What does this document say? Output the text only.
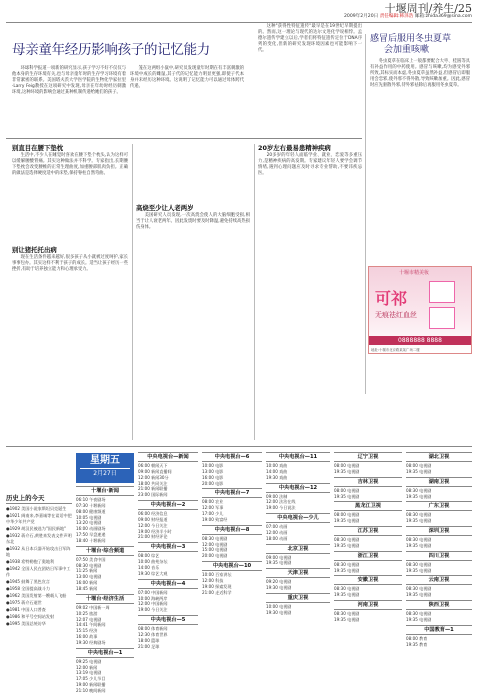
十堰周刊/养生/25
2009年2月20日 责任编辑:韩泽浩 邮箱:zhida369@sina.com
母亲童年经历影响孩子的记忆能力

环球科学报道一项新的研究显示,孩子学习不好不仅仅与他本身的生存环境有关,也与母亲童年时的生存学习环境有着非常紧密的联系。美国塔夫茨大学医学院的生物化学家拉里·Larry Feig教授在这项研究中发现,母亲在年幼时经历刺激环境,这种环境的影响会通过某种机制传递给她们的孩子。

笼在这两组小鼠中,研究员发现童年时期在有丰富刺激的环境中成长的雌鼠,其子代的记忆能力明显更强,即使子代本身并未经历这种环境。这说明了记忆能力可以通过母体跨代传递。

这种"获得性特征遗传"最早是在19世纪早期提出的。然而,这一理论与现代的达尔文进化学说相悖。孟德尔遗传学建立以后,学者们将特征遗传定位于DNA序列的变化,但新的研究发现环境因素也可能影响下一代。

感冒后服用冬虫夏草
会加重咳嗽

冬虫夏草在临床上一般都要配合大枣、桂圆等具有补益作用的中药使用。感冒与咳嗽,均为感受外邪所致,其标实而本虚,冬虫夏草虽然补益,但感冒后即服用会恋邪,使外邪不得外散,导致咳嗽加重。因此,感冒时应先驱散外邪,待外邪祛除后再服用冬虫夏草。

十堰市精美妆
可祁
无痕祛红血丝
0888888 8888
地址:十堰市北京路某某广场二楼
别直目在腰下垫枕

生活中,不少人在睡觉时喜欢在腰下垫个枕头,认为这样可以缓解腰酸背痛。其实这种做法并不科学。专家指出,长期腰下垫枕会改变腰椎的正常生理曲度,加重腰部肌肉负担。正确的做法是选择硬度适中的床垫,保持脊柱自然弯曲。

别让猪托托出病

现在生活条件越来越好,很多孩子从小就被过度呵护,家长事事包办。其实这样不利于孩子的成长。适当让孩子经历一些挫折,有助于培养独立能力和心理承受力。

高烧至少让人老两岁

美国研究人员发现,一次高烧会使人的大脑细胞受损,相当于让人衰老两年。因此发烧时要及时降温,避免持续高热损伤身体。

20岁左右最易患精神疾病

20多岁的年轻人面临学业、就业、恋爱等多重压力,是精神疾病的高发期。专家建议年轻人要学会调节情绪,遇到心理问题应及时寻求专业帮助,不要讳疾忌医。

历史上的今天
●1902 美国小说家斯坦贝克诞生
●1921 闽南来,李嘉诚等在谈话中把中华少年共产党
●1929 胡汉民被选为"国民新地"
●1932 蒋介石,黄胜来发表文件声明东北
●1932 从日本兵器开始攻击日军阵地
●1938 希特勒抱了奥地利
●1942 全国人民在团结日军事中工作
●1945 鼓舞了黑色宣言
●1958 全国提高战斗力
●1962 美国发射第一艘载人飞船
●1975 蒋介石逝世
●1981 中国人口普查
●1986 和平号空间站发射
●1995 美国总统访华
星期五
2月27日
十堰台·新闻
06:10 午夜剧场
07:30 十堰新闻
08:00 健康频道
10:05 电视剧
13:20 电视剧
16:00 动画剧场
17:50 早盘速递
18:40 十堰新闻
十堰台·综合频道
07:50 美食中国
08:30 电视剧
11:25 新闻
13:00 电视剧
16:00 新闻
18:45 新闻
十堰台·经济生活
09:02 中国新一周
10:25 旅游
12:07 电视剧
14:41 午间新闻
15:15 经济
16:00 故事
19:30 经典剧场
中央电视台—1
09:25 电视剧
12:00 新闻
13:19 电视剧
17:05 少儿节目
19:00 新闻联播
21:10 晚间新闻
中央电视台—新闻
06:00 朝闻天下
09:00 新闻直播间
12:00 新闻30分
18:00 共同关注
21:00 新闻联播
23:00 国际新闻
中央电视台—2
06:00 经济信息
09:00 财经报道
12:00 今日关注
19:00 经济半小时
21:00 财经评论
中央电视台—3
08:00 综艺
10:00 曲苑杂坛
14:00 音乐
19:30 综艺大观
中央电视台—4
07:00 中国新闻
10:00 海峡两岸
12:00 中国新闻
19:00 今日关注
中央电视台—5
08:00 体育新闻
12:30 体育世界
18:00 篮球
21:00 足球
中央电视台—6
10:00 电影
13:00 电影
16:00 电影
20:00 电影
中央电视台—7
08:00 农业
12:00 军事
17:00 少儿
19:00 致富经
中央电视台—8
08:30 电视剧
12:00 电视剧
15:00 电视剧
20:00 电视剧
中央电视台—10
10:00 百家讲坛
12:00 科技
19:00 探索发现
21:00 走近科学
中央电视台—11
10:00 戏曲
14:00 戏曲
19:30 戏曲
中央电视台—12
09:00 法制
12:00 法治在线
19:00 今日说法
中央电视台—少儿
07:00 动画
12:00 动画
18:00 动画
北京卫视
09:00 电视剧
19:35 电视剧
天津卫视
09:20 电视剧
19:30 电视剧
重庆卫视
10:00 电视剧
19:30 电视剧
辽宁卫视
08:00 电视剧
19:35 电视剧
吉林卫视
08:00 电视剧
19:35 电视剧
黑龙江卫视
08:00 电视剧
19:35 电视剧
江苏卫视
08:30 电视剧
19:35 电视剧
浙江卫视
08:30 电视剧
19:35 电视剧
安徽卫视
08:30 电视剧
19:35 电视剧
河南卫视
08:30 电视剧
19:35 电视剧
湖北卫视
08:00 电视剧
19:35 电视剧
湖南卫视
08:30 电视剧
19:35 电视剧
广东卫视
08:30 电视剧
19:35 电视剧
深圳卫视
08:30 电视剧
19:35 电视剧
四川卫视
08:30 电视剧
19:35 电视剧
云南卫视
08:30 电视剧
19:35 电视剧
陕西卫视
08:30 电视剧
19:35 电视剧
中国教育—1
08:00 教育
19:35 教育
